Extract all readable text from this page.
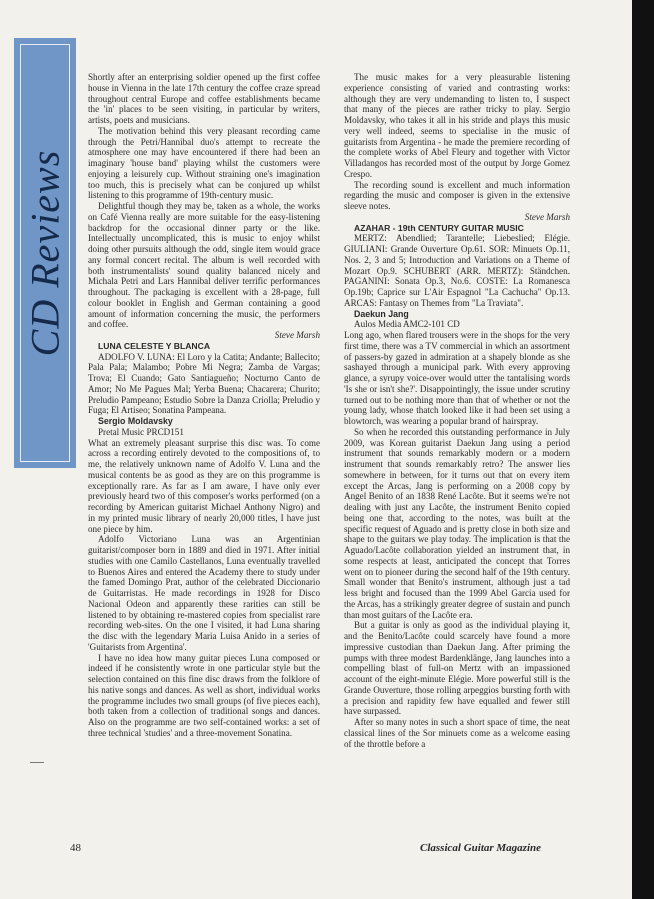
CD Reviews

Shortly after an enterprising soldier opened up the first coffee house in Vienna in the late 17th century the coffee craze spread throughout central Europe and coffee establishments became the 'in' places to be seen visiting, in particular by writers, artists, poets and musicians.

The motivation behind this very pleasant recording came through the Petri/Hannibal duo's attempt to recreate the atmosphere one may have encountered if there had been an imaginary 'house band' playing whilst the customers were enjoying a leisurely cup. Without straining one's imagination too much, this is precisely what can be conjured up whilst listening to this programme of 19th-century music.

Delightful though they may be, taken as a whole, the works on Café Vienna really are more suitable for the easy-listening backdrop for the occasional dinner party or the like. Intellectually uncomplicated, this is music to enjoy whilst doing other pursuits although the odd, single item would grace any formal concert recital. The album is well recorded with both instrumentalists' sound quality balanced nicely and Michala Petri and Lars Hannibal deliver terrific performances throughout. The packaging is excellent with a 28-page, full colour booklet in English and German containing a good amount of information concerning the music, the performers and coffee.

Steve Marsh

LUNA CELESTE Y BLANCA

ADOLFO V. LUNA: El Loro y la Catita; Andante; Ballecito; Pala Pala; Malambo; Pobre Mi Negra; Zamba de Vargas; Trova; El Cuando; Gato Santiagueño; Nocturno Canto de Amor; No Me Pagues Mal; Yerba Buena; Chacarera; Churito; Preludio Pampeano; Estudio Sobre la Danza Criolla; Preludio y Fuga; El Artiseo; Sonatina Pampeana.

Sergio Moldavsky

Pretal Music PRCD151

What an extremely pleasant surprise this disc was. To come across a recording entirely devoted to the compositions of, to me, the relatively unknown name of Adolfo V. Luna and the musical contents be as good as they are on this programme is exceptionally rare. As far as I am aware, I have only ever previously heard two of this composer's works performed (on a recording by American guitarist Michael Anthony Nigro) and in my printed music library of nearly 20,000 titles, I have just one piece by him.

Adolfo Victoriano Luna was an Argentinian guitarist/composer born in 1889 and died in 1971. After initial studies with one Camilo Castellanos, Luna eventually travelled to Buenos Aires and entered the Academy there to study under the famed Domingo Prat, author of the celebrated Diccionario de Guitarristas. He made recordings in 1928 for Disco Nacional Odeon and apparently these rarities can still be listened to by obtaining re-mastered copies from specialist rare recording web-sites. On the one I visited, it had Luna sharing the disc with the legendary Maria Luisa Anido in a series of 'Guitarists from Argentina'.

I have no idea how many guitar pieces Luna composed or indeed if he consistently wrote in one particular style but the selection contained on this fine disc draws from the folklore of his native songs and dances. As well as short, individual works the programme includes two small groups (of five pieces each), both taken from a collection of traditional songs and dances. Also on the programme are two self-contained works: a set of three technical 'studies' and a three-movement Sonatina.

The music makes for a very pleasurable listening experience consisting of varied and contrasting works: although they are very undemanding to listen to, I suspect that many of the pieces are rather tricky to play. Sergio Moldavsky, who takes it all in his stride and plays this music very well indeed, seems to specialise in the music of guitarists from Argentina - he made the premiere recording of the complete works of Abel Fleury and together with Victor Villadangos has recorded most of the output by Jorge Gomez Crespo.

The recording sound is excellent and much information regarding the music and composer is given in the extensive sleeve notes.

Steve Marsh

AZAHAR - 19th CENTURY GUITAR MUSIC

MERTZ: Abendlied; Tarantelle; Liebeslied; Elégie. GIULIANI: Grande Ouverture Op.61. SOR: Minuets Op.11, Nos. 2, 3 and 5; Introduction and Variations on a Theme of Mozart Op.9. SCHUBERT (ARR. MERTZ): Ständchen. PAGANINI: Sonata Op.3, No.6. COSTE: La Romanesca Op.19b; Caprice sur L'Air Espagnol "La Cachucha" Op.13. ARCAS: Fantasy on Themes from "La Traviata".

Daekun Jang

Aulos Media AMC2-101 CD

Long ago, when flared trousers were in the shops for the very first time, there was a TV commercial in which an assortment of passers-by gazed in admiration at a shapely blonde as she sashayed through a municipal park. With every approving glance, a syrupy voice-over would utter the tantalising words 'Is she or isn't she?'. Disappointingly, the issue under scrutiny turned out to be nothing more than that of whether or not the young lady, whose thatch looked like it had been set using a blowtorch, was wearing a popular brand of hairspray.

So when he recorded this outstanding performance in July 2009, was Korean guitarist Daekun Jang using a period instrument that sounds remarkably modern or a modern instrument that sounds remarkably retro? The answer lies somewhere in between, for it turns out that on every item except the Arcas, Jang is performing on a 2008 copy by Angel Benito of an 1838 René Lacôte. But it seems we're not dealing with just any Lacôte, the instrument Benito copied being one that, according to the notes, was built at the specific request of Aguado and is pretty close in both size and shape to the guitars we play today. The implication is that the Aguado/Lacôte collaboration yielded an instrument that, in some respects at least, anticipated the concept that Torres went on to pioneer during the second half of the 19th century. Small wonder that Benito's instrument, although just a tad less bright and focused than the 1999 Abel Garcia used for the Arcas, has a strikingly greater degree of sustain and punch than most guitars of the Lacôte era.

But a guitar is only as good as the individual playing it, and the Benito/Lacôte could scarcely have found a more impressive custodian than Daekun Jang. After priming the pumps with three modest Bardenklänge, Jang launches into a compelling blast of full-on Mertz with an impassioned account of the eight-minute Elégie. More powerful still is the Grande Ouverture, those rolling arpeggios bursting forth with a precision and rapidity few have equalled and fewer still have surpassed.

After so many notes in such a short space of time, the neat classical lines of the Sor minuets come as a welcome easing of the throttle before a

48	Classical Guitar Magazine
